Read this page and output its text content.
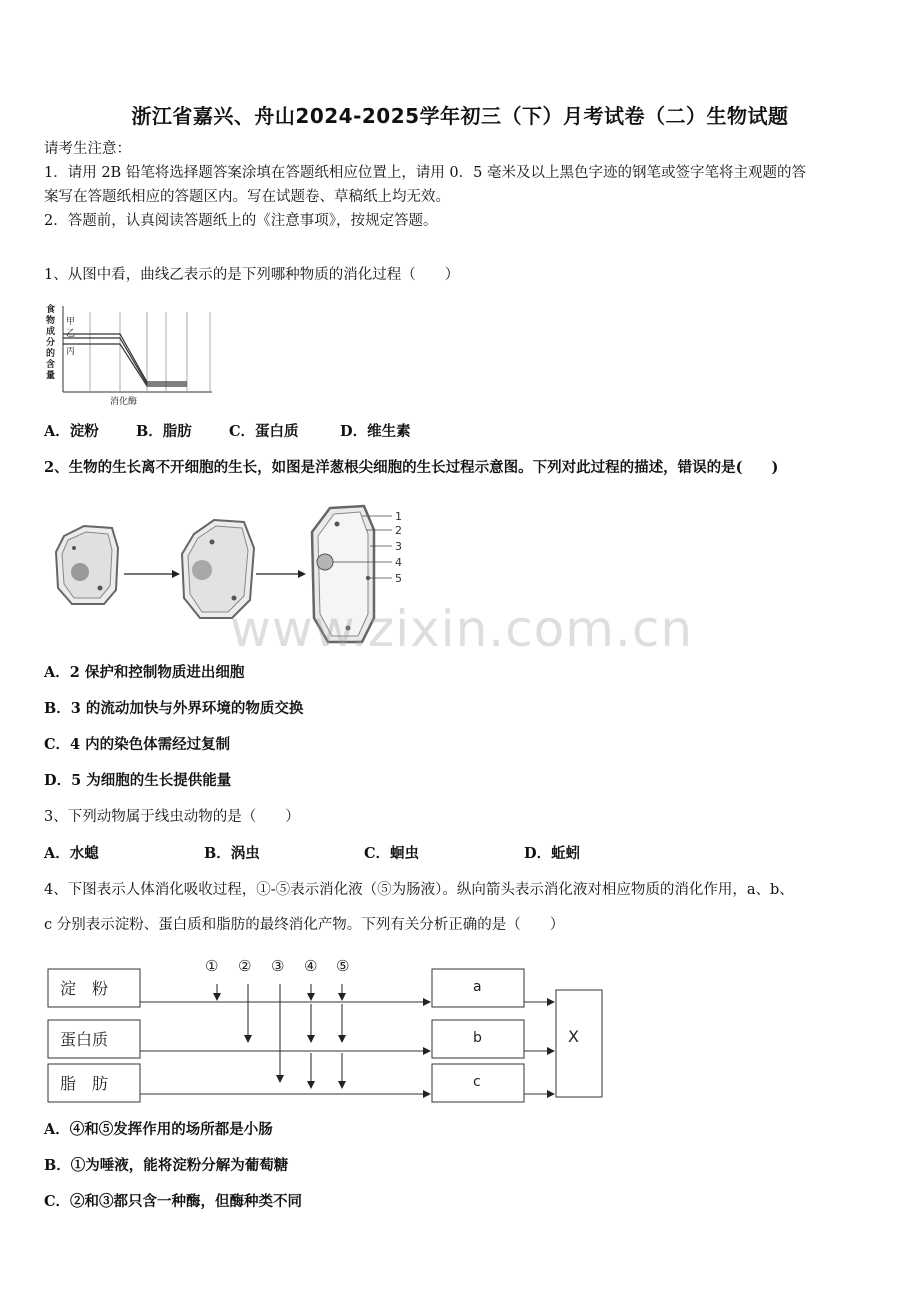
浙江省嘉兴、舟山2024-2025学年初三（下）月考试卷（二）生物试题
请考生注意：
1．请用 2B 铅笔将选择题答案涂填在答题纸相应位置上，请用 0．5 毫米及以上黑色字迹的钢笔或签字笔将主观题的答
案写在答题纸相应的答题区内。写在试题卷、草稿纸上均无效。
2．答题前，认真阅读答题纸上的《注意事项》，按规定答题。
1、从图中看，曲线乙表示的是下列哪种物质的消化过程（　　）
食
物
成
分
的
含
量
甲
乙
丙
消化酶
A．淀粉	B．脂肪	C．蛋白质	D．维生素
2、生物的生长离不开细胞的生长，如图是洋葱根尖细胞的生长过程示意图。下列对此过程的描述，错误的是(　　)
1
2
3
4
5
www.zixin.com.cn
A．2 保护和控制物质进出细胞
B．3 的流动加快与外界环境的物质交换
C．4 内的染色体需经过复制
D．5 为细胞的生长提供能量
3、下列动物属于线虫动物的是（　　）
A．水螅	B．涡虫	C．蛔虫	D．蚯蚓
4、下图表示人体消化吸收过程，①-⑤表示消化液（⑤为肠液）。纵向箭头表示消化液对相应物质的消化作用，a、b、
c 分别表示淀粉、蛋白质和脂肪的最终消化产物。下列有关分析正确的是（　　）
淀　粉
蛋白质
脂　肪
① ② ③ ④ ⑤
a
b
c
X
A．④和⑤发挥作用的场所都是小肠
B．①为唾液，能将淀粉分解为葡萄糖
C．②和③都只含一种酶，但酶种类不同
